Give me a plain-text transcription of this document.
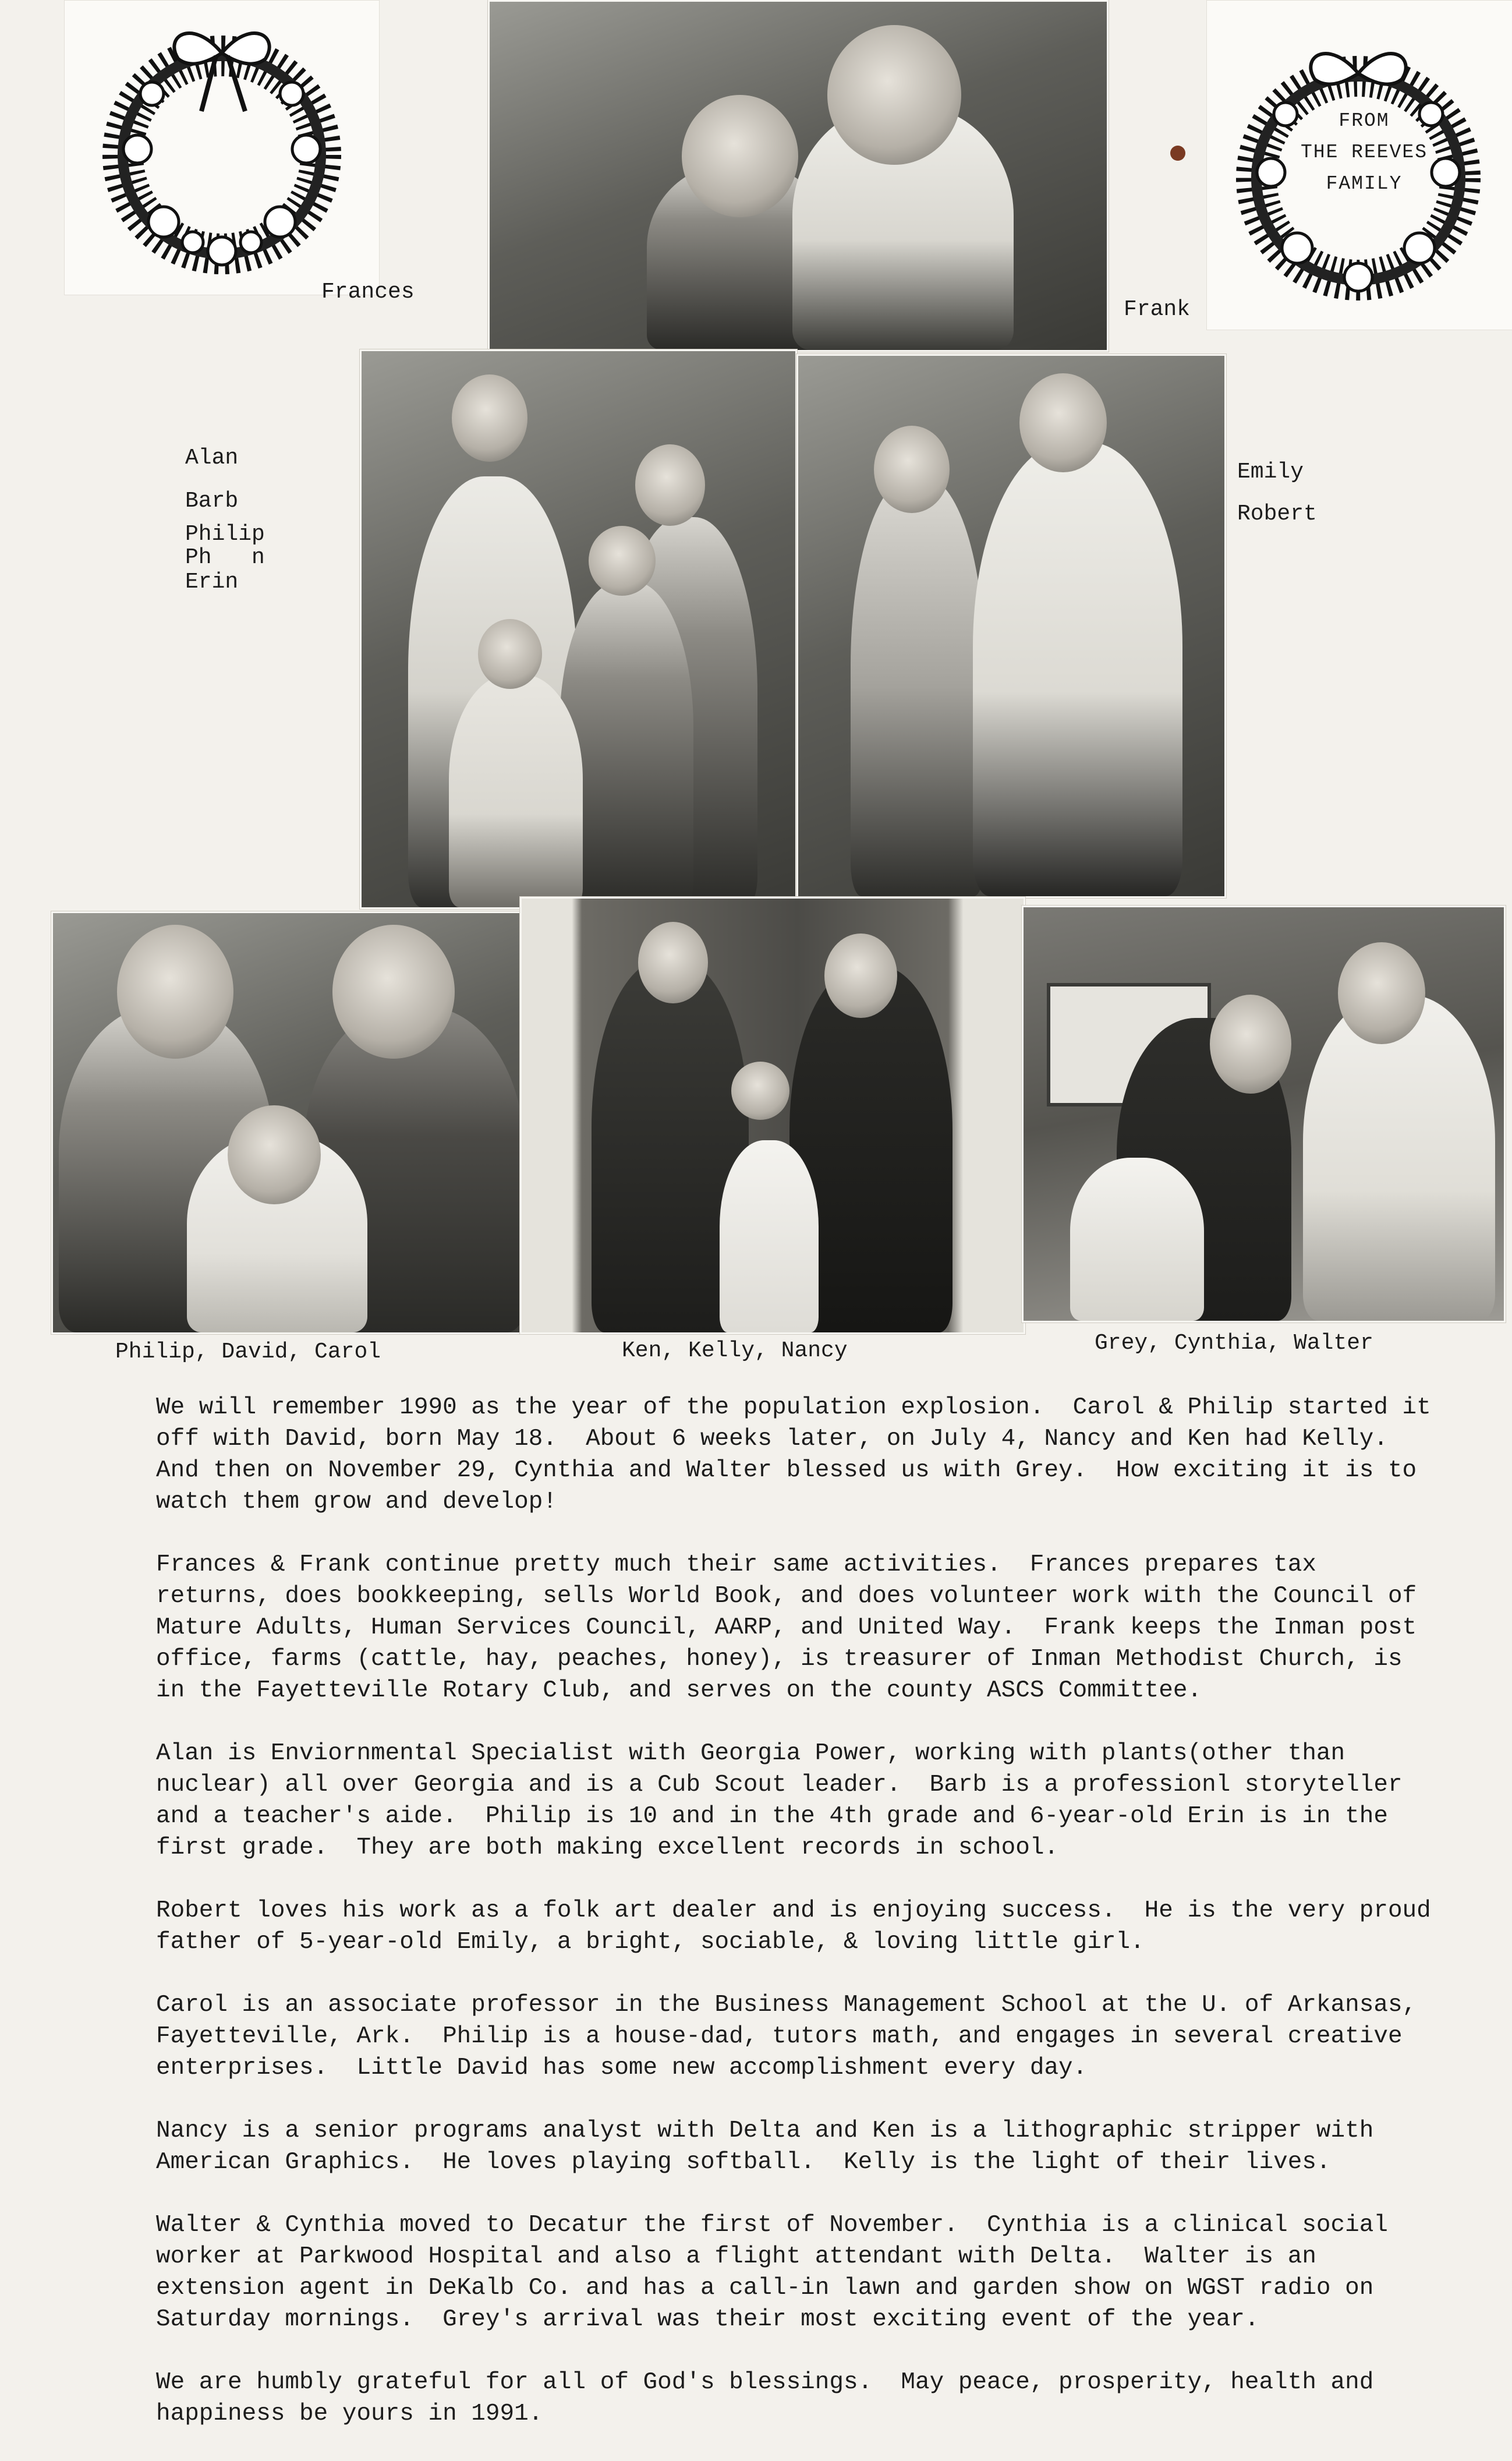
Frances
FROM
THE REEVES
FAMILY
Frank
Alan
Barb
Philip
Ph   n
Erin
Emily
Robert
Philip, David, Carol	Ken, Kelly, Nancy	Grey, Cynthia, Walter

We will remember 1990 as the year of the population explosion.  Carol & Philip started it off with David, born May 18.  About 6 weeks later, on July 4, Nancy and Ken had Kelly.  And then on November 29, Cynthia and Walter blessed us with Grey.  How exciting it is to watch them grow and develop!

Frances & Frank continue pretty much their same activities.  Frances prepares tax returns, does bookkeeping, sells World Book, and does volunteer work with the Council of Mature Adults, Human Services Council, AARP, and United Way.  Frank keeps the Inman post office, farms (cattle, hay, peaches, honey), is treasurer of Inman Methodist Church, is in the Fayetteville Rotary Club, and serves on the county ASCS Committee.

Alan is Enviornmental Specialist with Georgia Power, working with plants(other than nuclear) all over Georgia and is a Cub Scout leader.  Barb is a professionl storyteller and a teacher's aide.  Philip is 10 and in the 4th grade and 6-year-old Erin is in the first grade.  They are both making excellent records in school.

Robert loves his work as a folk art dealer and is enjoying success.  He is the very proud father of 5-year-old Emily, a bright, sociable, & loving little girl.

Carol is an associate professor in the Business Management School at the U. of Arkansas, Fayetteville, Ark.  Philip is a house-dad, tutors math, and engages in several creative enterprises.  Little David has some new accomplishment every day.

Nancy is a senior programs analyst with Delta and Ken is a lithographic stripper with American Graphics.  He loves playing softball.  Kelly is the light of their lives.

Walter & Cynthia moved to Decatur the first of November.  Cynthia is a clinical social worker at Parkwood Hospital and also a flight attendant with Delta.  Walter is an extension agent in DeKalb Co. and has a call-in lawn and garden show on WGST radio on Saturday mornings.  Grey's arrival was their most exciting event of the year.

We are humbly grateful for all of God's blessings.  May peace, prosperity, health and happiness be yours in 1991.
